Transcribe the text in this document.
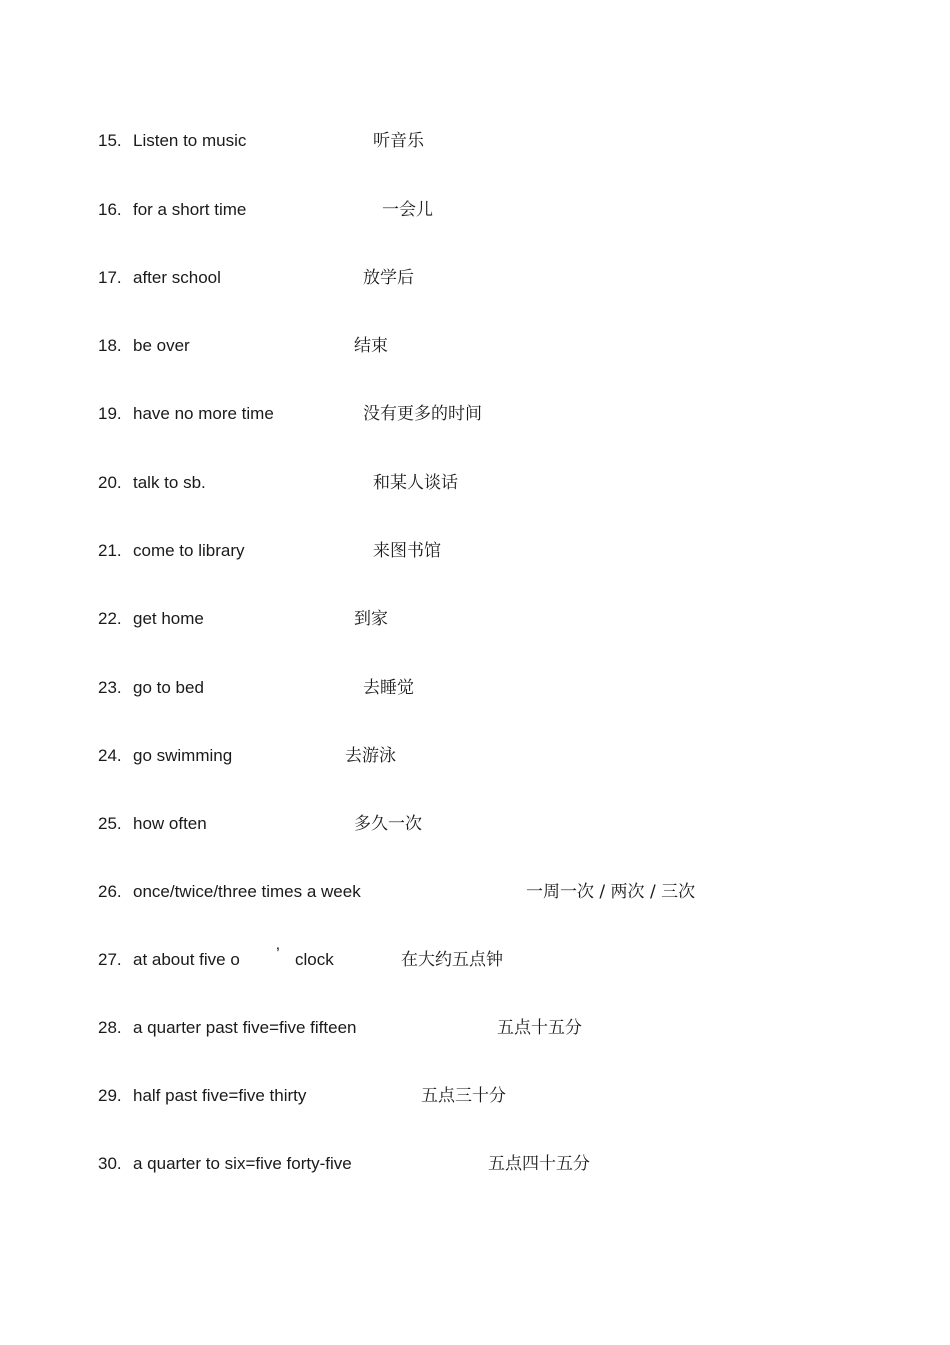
15. Listen to music	听音乐
16. for a short time	一会儿
17. after school	放学后
18. be over	结束
19. have no more time	没有更多的时间
20. talk to sb.	和某人谈话
21. come to library	来图书馆
22. get home	到家
23. go to bed	去睡觉
24. go swimming	去游泳
25. how often	多久一次
26. once/twice/three times a week	一周一次 / 两次 / 三次
27. at about five o ’ clock	在大约五点钟
28. a quarter past five=five fifteen	五点十五分
29. half past five=five thirty	五点三十分
30. a quarter to six=five forty-five	五点四十五分
